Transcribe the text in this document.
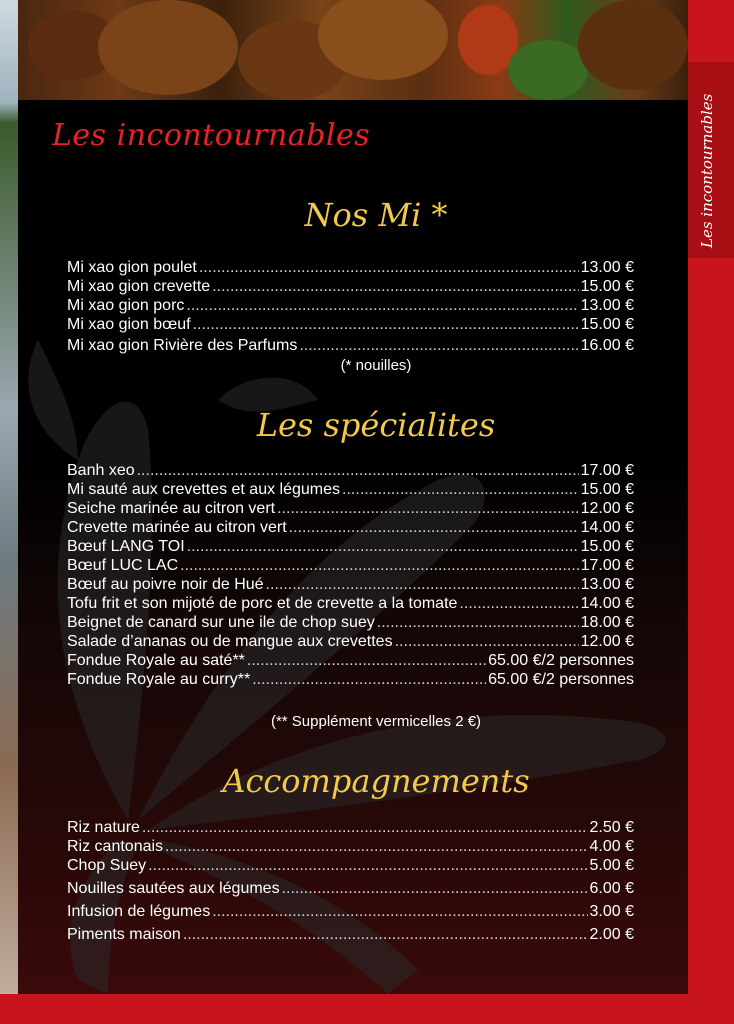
Les incontournables
Les incontournables
Nos Mi *
Mi xao gion poulet .....	13.00 €
Mi xao gion crevette .....	15.00 €
Mi xao gion porc .....	13.00 €
Mi xao gion bœuf .....	15.00 €
Mi xao gion Rivière des Parfums .....	16.00 €
(* nouilles)
Les spécialites
Banh xeo .....	17.00 €
Mi sauté aux crevettes et aux légumes .....	15.00 €
Seiche marinée au citron vert .....	12.00 €
Crevette marinée au citron vert .....	14.00 €
Bœuf LANG TOI .....	15.00 €
Bœuf LUC LAC .....	17.00 €
Bœuf au poivre noir de Hué .....	13.00 €
Tofu frit et son mijoté de porc et de crevette a la tomate .....	14.00 €
Beignet de canard sur une ile de chop suey .....	18.00 €
Salade d’ananas ou de mangue aux crevettes .....	12.00 €
Fondue Royale au saté** .....	65.00 €/2 personnes
Fondue Royale au curry** .....	65.00 €/2 personnes
(** Supplément vermicelles 2 €)
Accompagnements
Riz nature .....	2.50 €
Riz cantonais .....	4.00 €
Chop Suey .....	5.00 €
Nouilles sautées aux légumes .....	6.00 €
Infusion de légumes .....	3.00 €
Piments maison .....	2.00 €
